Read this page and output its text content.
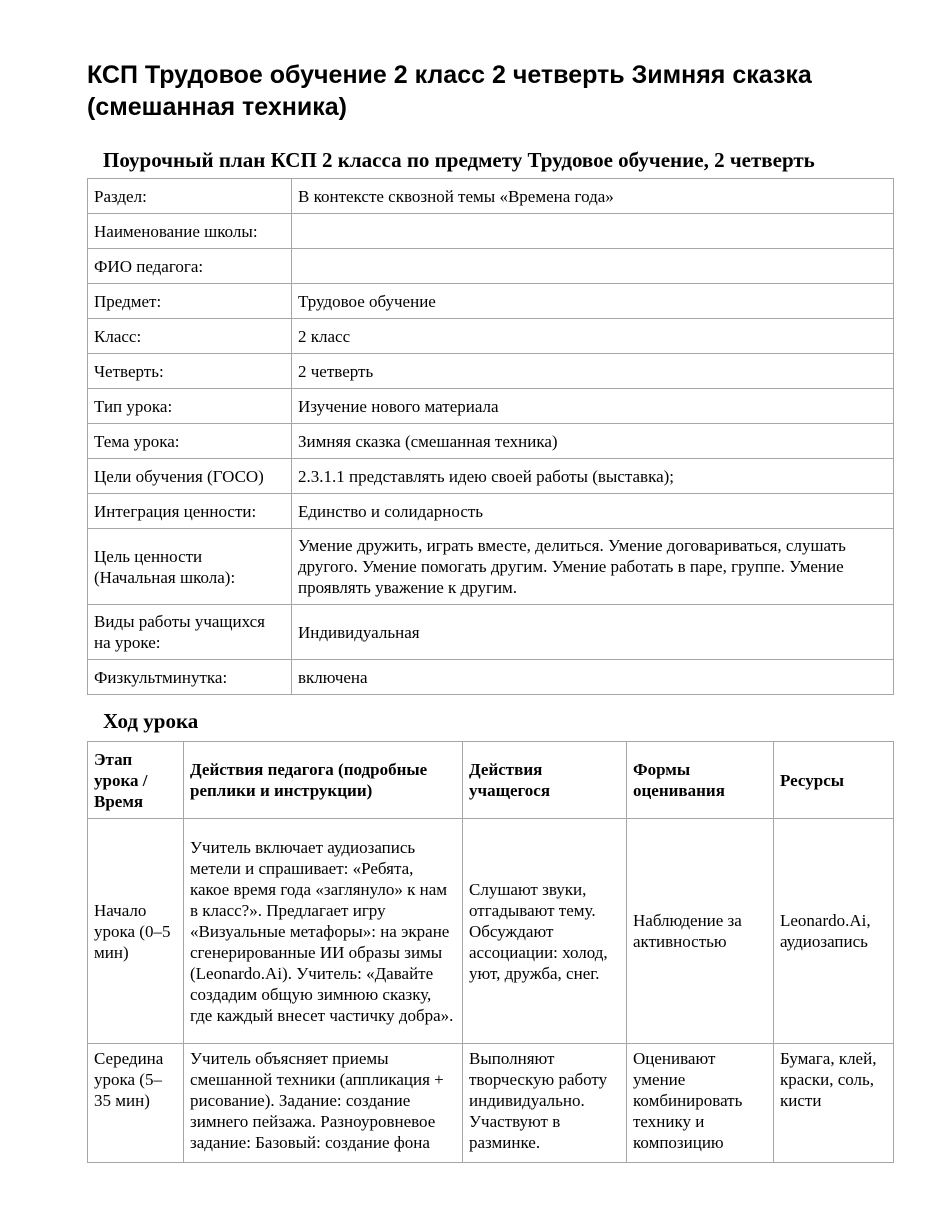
КСП Трудовое обучение 2 класс 2 четверть Зимняя сказка (смешанная техника)
Поурочный план КСП 2 класса по предмету Трудовое обучение, 2 четверть
Раздел:	В контексте сквозной темы «Времена года»
Наименование школы:	
ФИО педагога:	
Предмет:	Трудовое обучение
Класс:	2 класс
Четверть:	2 четверть
Тип урока:	Изучение нового материала
Тема урока:	Зимняя сказка (смешанная техника)
Цели обучения (ГОСО)	2.3.1.1 представлять идею своей работы (выставка);
Интеграция ценности:	Единство и солидарность
Цель ценности (Начальная школа):	Умение дружить, играть вместе, делиться. Умение договариваться, слушать другого. Умение помогать другим. Умение работать в паре, группе. Умение проявлять уважение к другим.
Виды работы учащихся на уроке:	Индивидуальная
Физкультминутка:	включена
Ход урока
Этап урока / Время	Действия педагога (подробные реплики и инструкции)	Действия учащегося	Формы оценивания	Ресурсы
Начало урока (0–5 мин)	Учитель включает аудиозапись метели и спрашивает: «Ребята, какое время года «заглянуло» к нам в класс?». Предлагает игру «Визуальные метафоры»: на экране сгенерированные ИИ образы зимы (Leonardo.Ai). Учитель: «Давайте создадим общую зимнюю сказку, где каждый внесет частичку добра».	Слушают звуки, отгадывают тему. Обсуждают ассоциации: холод, уют, дружба, снег.	Наблюдение за активностью	Leonardo.Ai, аудиозапись
Середина урока (5–35 мин)	Учитель объясняет приемы смешанной техники (аппликация + рисование). Задание: создание зимнего пейзажа. Разноуровневое задание: Базовый: создание фона	Выполняют творческую работу индивидуально. Участвуют в разминке.	Оценивают умение комбинировать технику и композицию	Бумага, клей, краски, соль, кисти
